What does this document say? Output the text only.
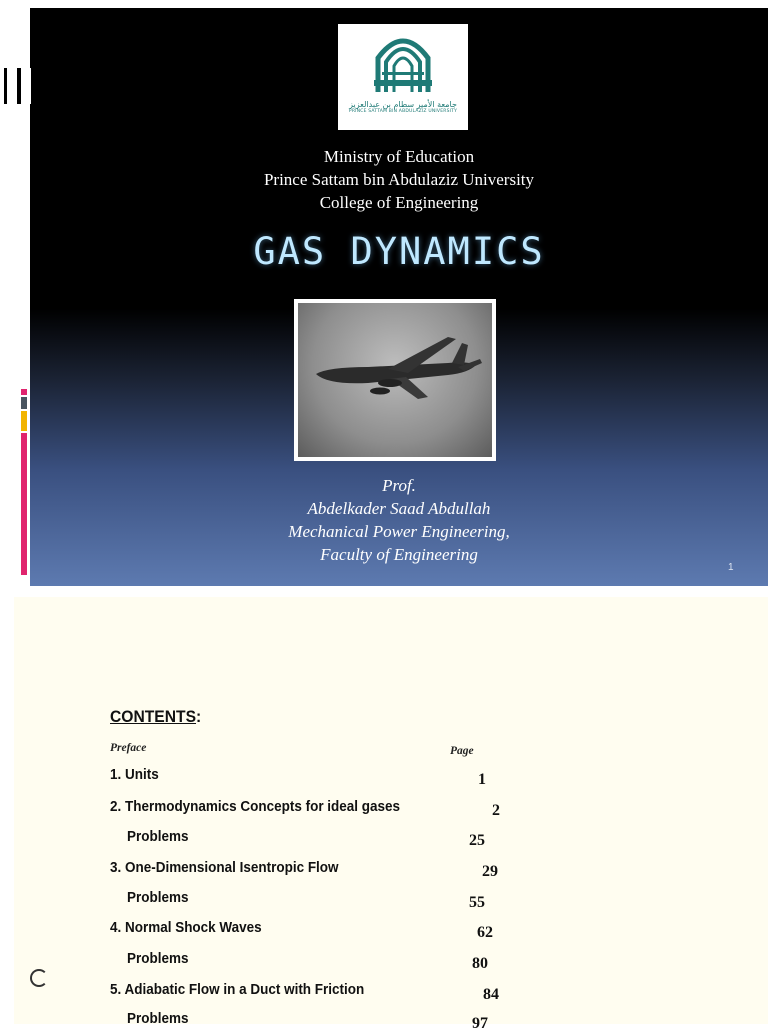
جامعة الأمير سطام بن عبدالعزيز
PRINCE SATTAM BIN ABDULAZIZ UNIVERSITY
Ministry of Education
Prince Sattam bin Abdulaziz University
College of Engineering
GAS DYNAMICS
Prof.
Abdelkader Saad Abdullah
Mechanical Power Engineering,
Faculty of Engineering
1
CONTENTS:
Preface	Page
1. Units	1
2. Thermodynamics Concepts for ideal gases	2
Problems	25
3. One-Dimensional Isentropic Flow	29
Problems	55
4. Normal Shock Waves	62
Problems	80
5. Adiabatic Flow in a Duct with Friction	84
Problems	97
